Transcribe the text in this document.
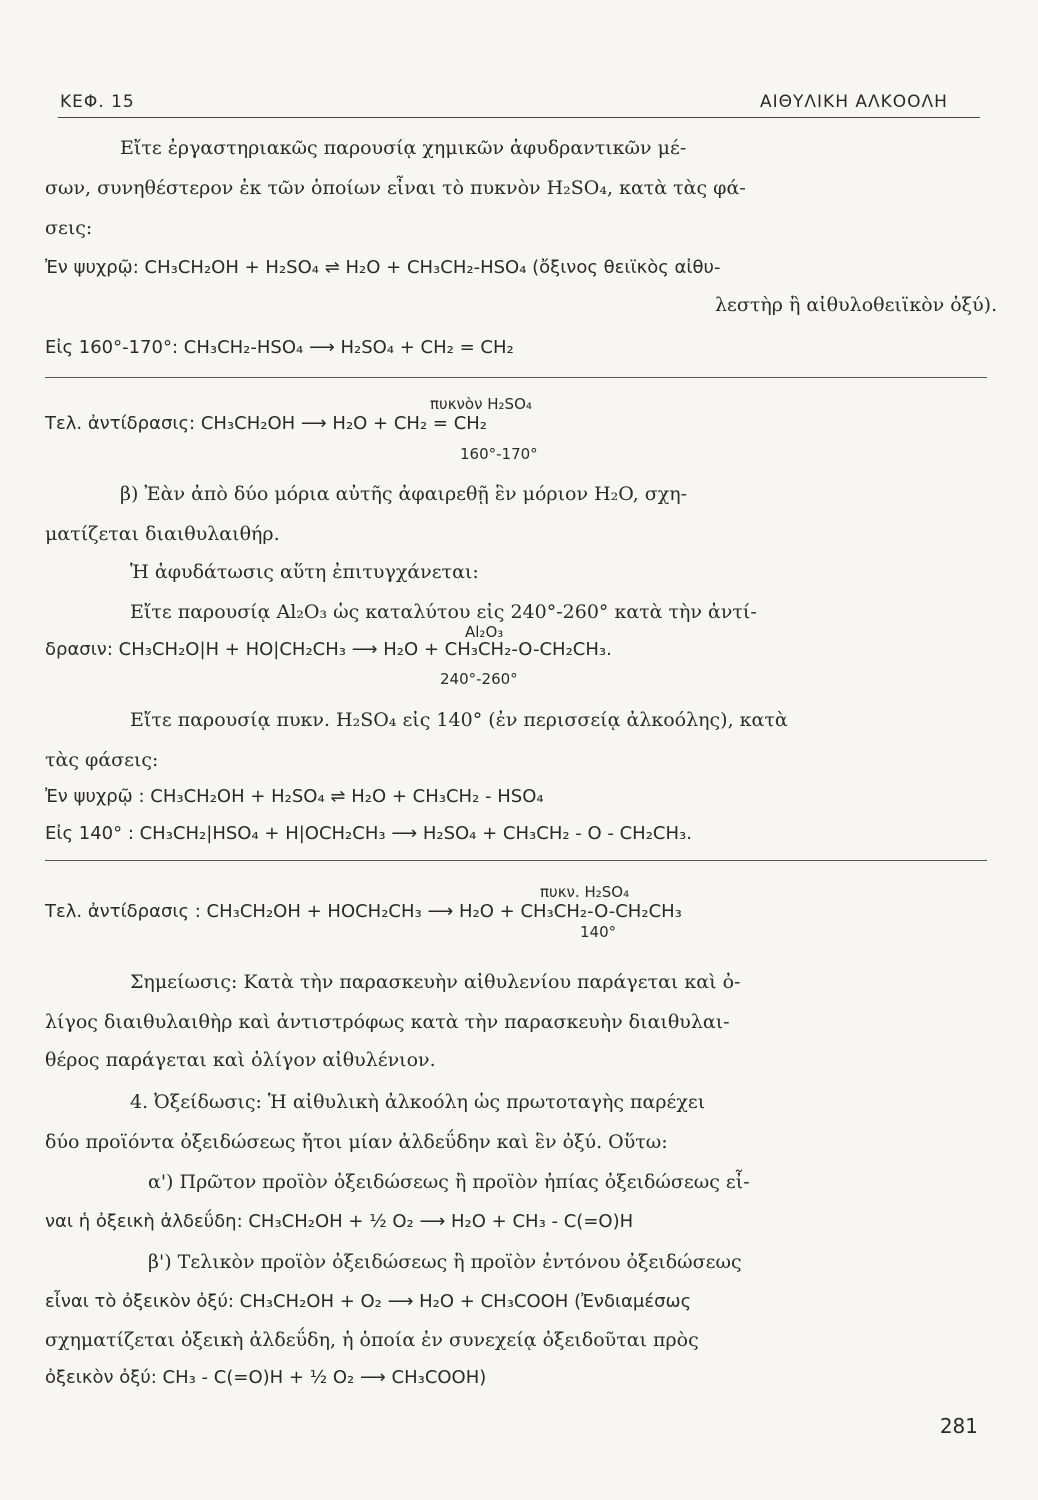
ΚΕΦ. 15	ΑΙΘΥΛΙΚΗ ΑΛΚΟΟΛΗ
Εἴτε ἐργαστηριακῶς παρουσίᾳ χημικῶν ἀφυδραντικῶν μέ-
σων, συνηθέστερον ἐκ τῶν ὁποίων εἶναι τὸ πυκνὸν H₂SO₄, κατὰ τὰς φά-
σεις:
Ἐν ψυχρῷ: CH₃CH₂OH + H₂SO₄ ⇌ H₂O + CH₃CH₂-HSO₄ (ὄξινος θειϊκὸς αἰθυ-
λεστὴρ ἢ αἰθυλοθειϊκὸν ὀξύ).
Εἰς 160°-170°: CH₃CH₂-HSO₄ ⟶ H₂SO₄ + CH₂ = CH₂
Τελ. ἀντίδρασις: CH₃CH₂OH ⟶ H₂O + CH₂ = CH₂
πυκνὸν H₂SO₄
160°-170°
β) Ἐὰν ἀπὸ δύο μόρια αὐτῆς ἀφαιρεθῇ ἓν μόριον H₂O, σχη-
ματίζεται διαιθυλαιθήρ.
Ἡ ἀφυδάτωσις αὕτη ἐπιτυγχάνεται:
Εἴτε παρουσίᾳ Al₂O₃ ὡς καταλύτου εἰς 240°-260° κατὰ τὴν ἀντί-
δρασιν: CH₃CH₂O|H + HO|CH₂CH₃ ⟶ H₂O + CH₃CH₂-O-CH₂CH₃.
Al₂O₃
240°-260°
Εἴτε παρουσίᾳ πυκν. H₂SO₄ εἰς 140° (ἐν περισσείᾳ ἀλκοόλης), κατὰ
τὰς φάσεις:
Ἐν ψυχρῷ : CH₃CH₂OH + H₂SO₄ ⇌ H₂O + CH₃CH₂ - HSO₄
Εἰς 140° : CH₃CH₂|HSO₄ + H|OCH₂CH₃ ⟶ H₂SO₄ + CH₃CH₂ - O - CH₂CH₃.
Τελ. ἀντίδρασις : CH₃CH₂OH + HOCH₂CH₃ ⟶ H₂O + CH₃CH₂-O-CH₂CH₃
πυκν. H₂SO₄
140°
Σημείωσις: Κατὰ τὴν παρασκευὴν αἰθυλενίου παράγεται καὶ ὀ-
λίγος διαιθυλαιθὴρ καὶ ἀντιστρόφως κατὰ τὴν παρασκευὴν διαιθυλαι-
θέρος παράγεται καὶ ὀλίγον αἰθυλένιον.
4. Ὀξείδωσις: Ἡ αἰθυλικὴ ἀλκοόλη ὡς πρωτοταγὴς παρέχει
δύο προϊόντα ὀξειδώσεως ἤτοι μίαν ἀλδεΰδην καὶ ἓν ὀξύ. Οὕτω:
α') Πρῶτον προϊὸν ὀξειδώσεως ἢ προϊὸν ἠπίας ὀξειδώσεως εἶ-
ναι ἡ ὀξεικὴ ἀλδεΰδη: CH₃CH₂OH + ½ O₂ ⟶ H₂O + CH₃ - C(=O)H
β') Τελικὸν προϊὸν ὀξειδώσεως ἢ προϊὸν ἐντόνου ὀξειδώσεως
εἶναι τὸ ὀξεικὸν ὀξύ: CH₃CH₂OH + O₂ ⟶ H₂O + CH₃COOH (Ἐνδιαμέσως
σχηματίζεται ὀξεικὴ ἀλδεΰδη, ἡ ὁποία ἐν συνεχείᾳ ὀξειδοῦται πρὸς
ὀξεικὸν ὀξύ: CH₃ - C(=O)H + ½ O₂ ⟶ CH₃COOH)
281
